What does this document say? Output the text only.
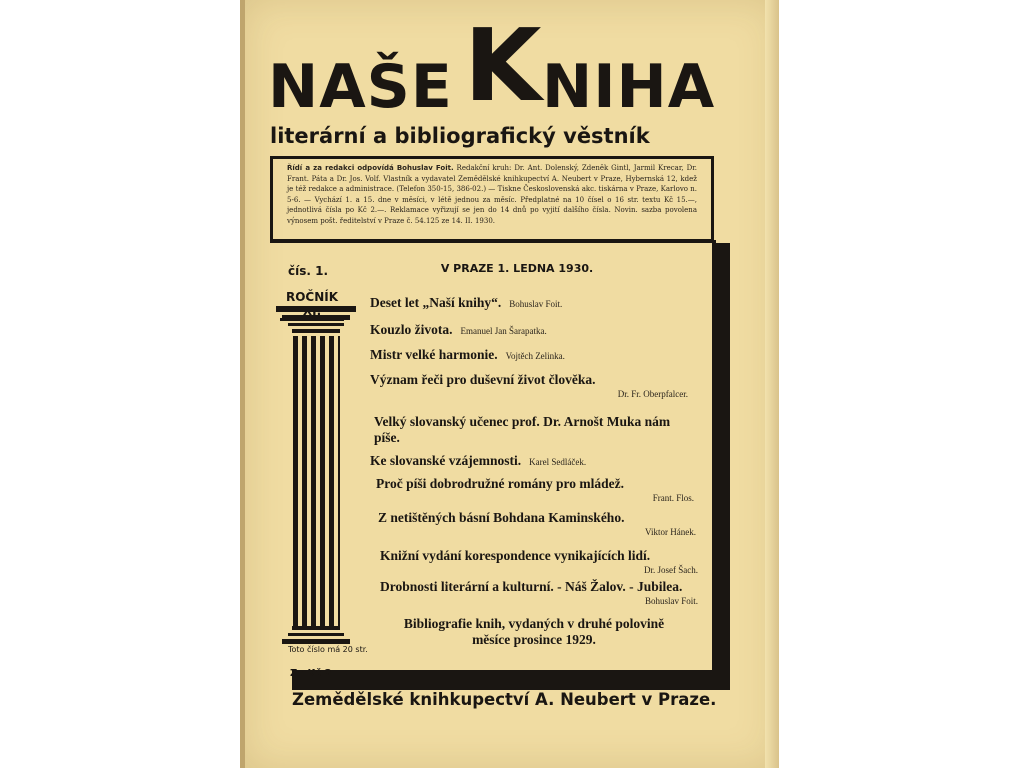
NAŠE K NIHA
literární a bibliografický věstník

Řídí a za redakci odpovídá Bohuslav Foit. Redakční kruh: Dr. Ant. Dolenský, Zdeněk Gintl, Jarmil Krecar, Dr. Frant. Páta a Dr. Jos. Volf. Vlastník a vydavatel Zemědělské knihkupectví A. Neubert v Praze, Hybernská 12, kdež je též redakce a administrace. (Telefon 350-15, 386-02.) — Tiskne Československá akc. tiskárna v Praze, Karlovo n. 5-6. — Vychází 1. a 15. dne v měsíci, v létě jednou za měsíc. Předplatné na 10 čísel o 16 str. textu Kč 15.—, jednotlivá čísla po Kč 2.—. Reklamace vyřizují se jen do 14 dnů po vyjití dalšího čísla. Novin. sazba povolena výnosem pošt. ředitelství v Praze č. 54.125 ze 14. II. 1930.

čís. 1.
ROČNÍK
Toto číslo má 20 str.
Za Kč 2·—.
V PRAZE 1. LEDNA 1930.
Deset let „Naší knihy“. Bohuslav Foit.
Kouzlo života. Emanuel Jan Šarapatka.
Mistr velké harmonie. Vojtěch Zelinka.
Význam řeči pro duševní život člověka.
Dr. Fr. Oberpfalcer.
Velký slovanský učenec prof. Dr. Arnošt Muka nám píše.
Ke slovanské vzájemnosti. Karel Sedláček.
Proč píši dobrodružné romány pro mládež.
Frant. Flos.
Z netištěných básní Bohdana Kaminského.
Viktor Hánek.
Knižní vydání korespondence vynikajících lidí.
Dr. Josef Šach.
Drobnosti literární a kulturní. - Náš Žalov. - Jubilea.
Bohuslav Foit.
Bibliografie knih, vydaných v druhé polovině měsíce prosince 1929.
Zemědělské knihkupectví A. Neubert v Praze.
